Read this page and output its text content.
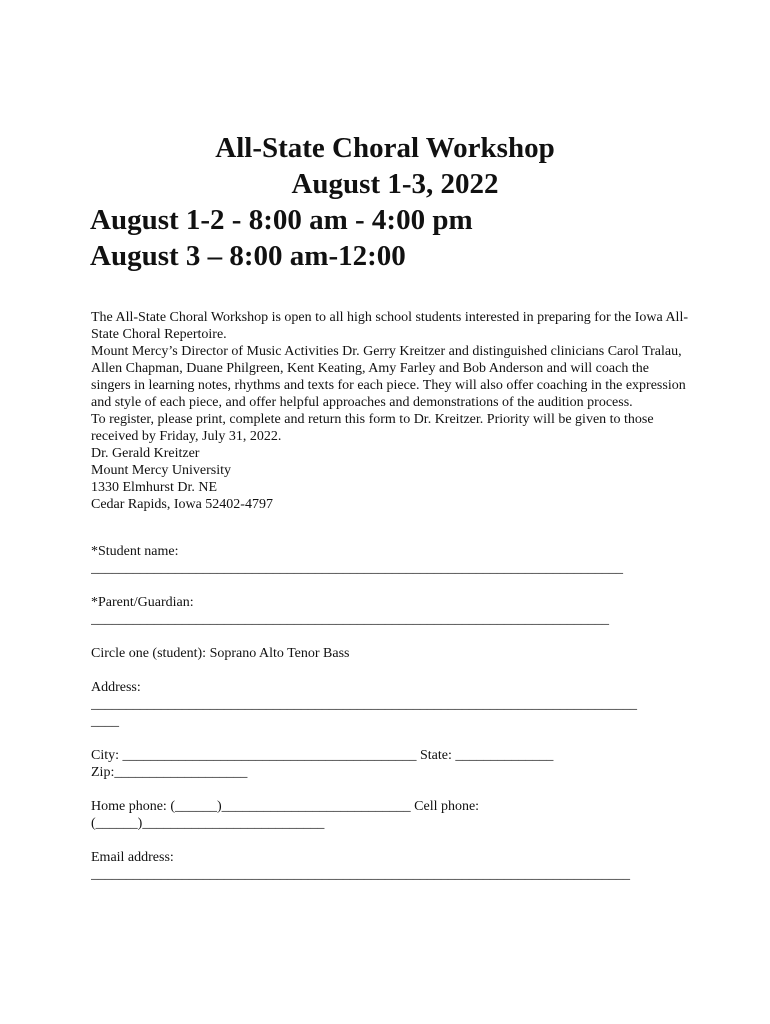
All-State Choral Workshop
August 1-3, 2022
August 1-2 - 8:00 am - 4:00 pm
August 3 – 8:00 am-12:00

The All-State Choral Workshop is open to all high school students interested in preparing for the Iowa All-State Choral Repertoire.

Mount Mercy’s Director of Music Activities Dr. Gerry Kreitzer and distinguished clinicians Carol Tralau, Allen Chapman, Duane Philgreen, Kent Keating, Amy Farley and Bob Anderson and will coach the singers in learning notes, rhythms and texts for each piece. They will also offer coaching in the expression and style of each piece, and offer helpful approaches and demonstrations of the audition process.

To register, please print, complete and return this form to Dr. Kreitzer. Priority will be given to those received by Friday, July 31, 2022.

Dr. Gerald Kreitzer

Mount Mercy University

1330 Elmhurst Dr. NE

Cedar Rapids, Iowa 52402-4797

*Student name:
____________________________________________________________________________
*Parent/Guardian:
__________________________________________________________________________
Circle one (student): Soprano Alto Tenor Bass
Address:
______________________________________________________________________________
____
City: __________________________________________ State: ______________
Zip:___________________
Home phone: (______)___________________________ Cell phone:
(______)__________________________
Email address:
_____________________________________________________________________________
